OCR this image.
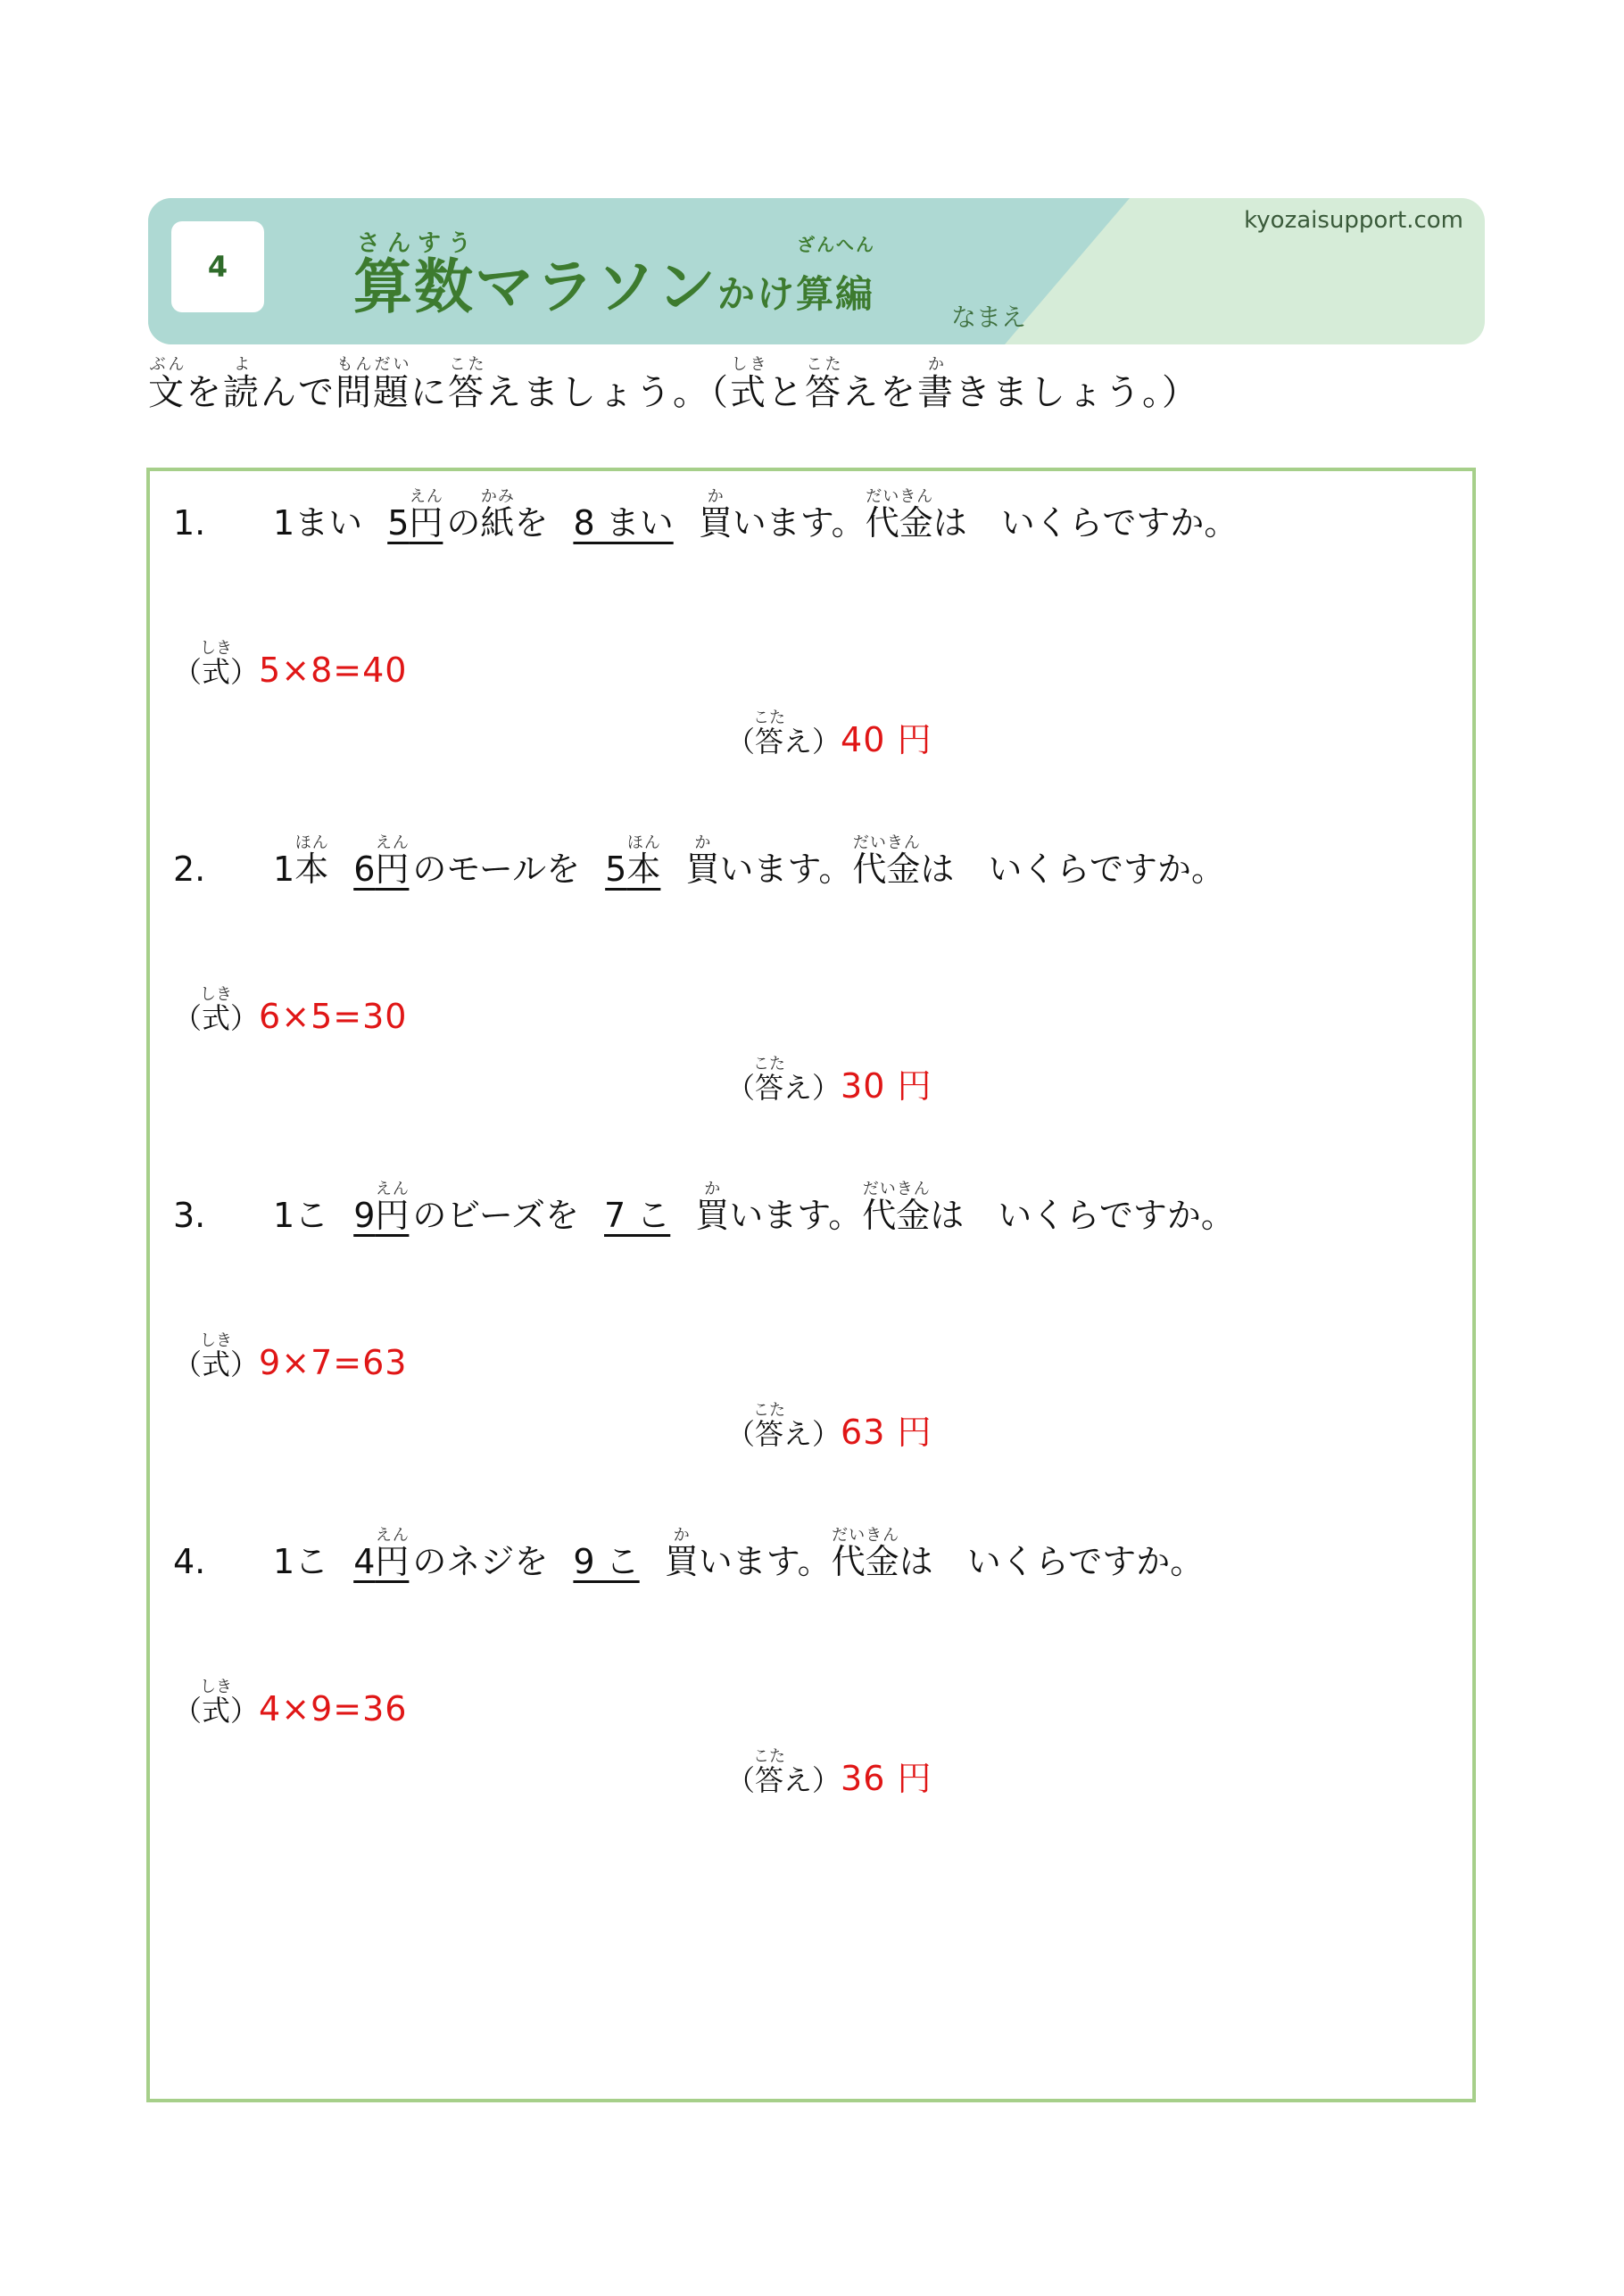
4	算数さんすうマラソンかけ算編ざんへん
kyozaisupport.com
なまえ
文ぶんを読よんで問題もんだいに答こたえましょう。（式しきと答こたえを書かきましょう。）
1. 1まい 5円えんの紙かみを 8 まい 買かいます。代金だいきんは　いくらですか。
（式しき）5×8=40
（答こたえ）40 円
2. 1本ほん6円えんのモールを 5本ほん買かいます。代金だいきんは　いくらですか。
（式しき）6×5=30
（答こたえ）30 円
3. 1こ 9円えんのビーズを 7 こ 買かいます。代金だいきんは　いくらですか。
（式しき）9×7=63
（答こたえ）63 円
4. 1こ 4円えんのネジを 9 こ 買かいます。代金だいきんは　いくらですか。
（式しき）4×9=36
（答こたえ）36 円
